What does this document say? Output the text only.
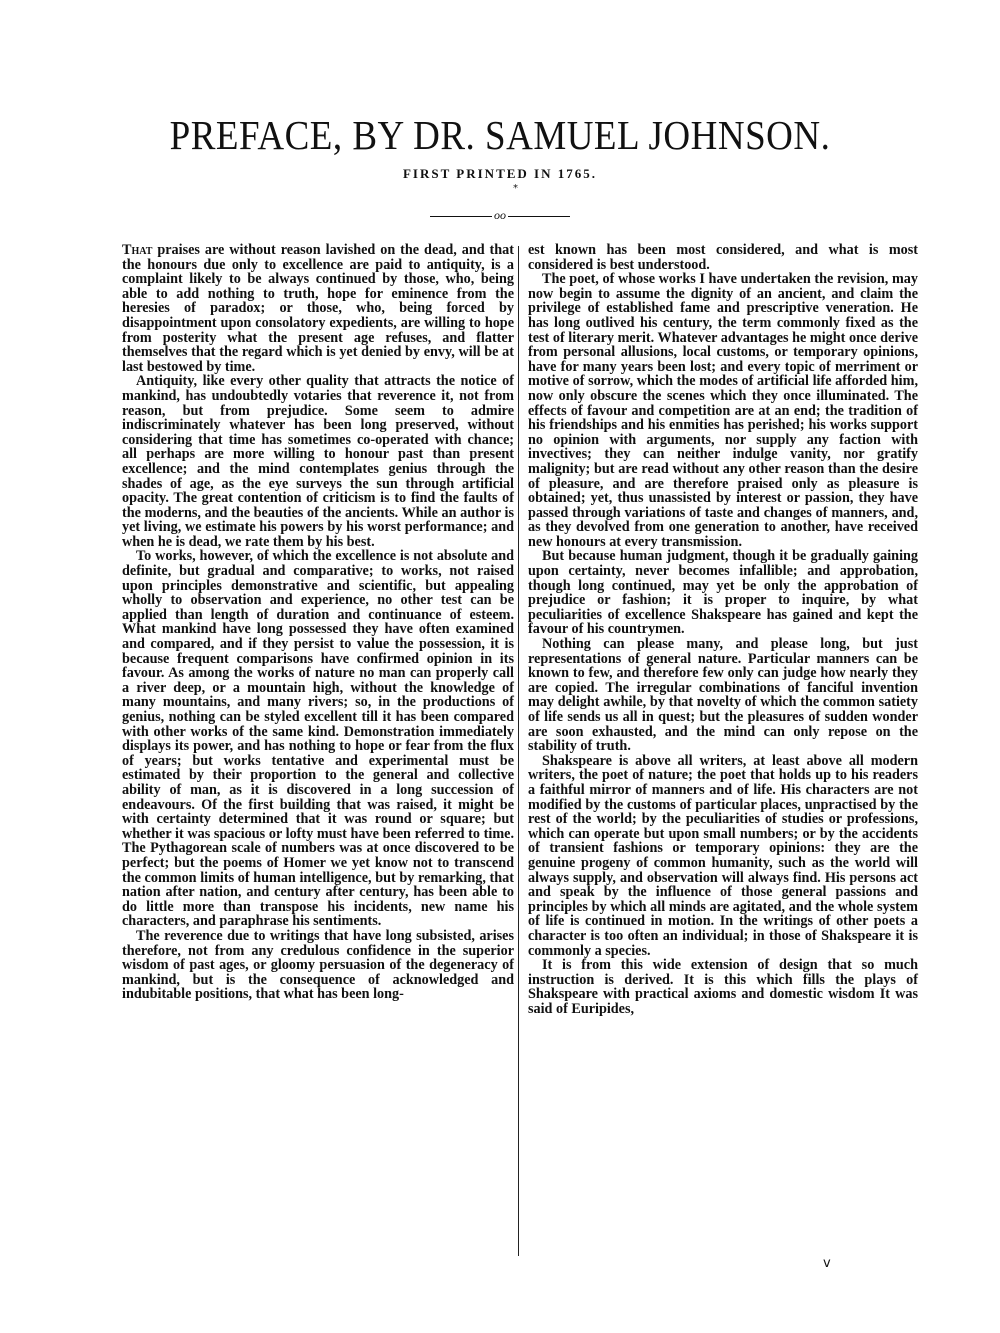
PREFACE, BY DR. SAMUEL JOHNSON.
FIRST PRINTED IN 1765.
*
oo

That praises are without reason lavished on the dead, and that the honours due only to excellence are paid to antiquity, is a complaint likely to be always continued by those, who, being able to add nothing to truth, hope for eminence from the heresies of paradox; or those, who, being forced by disappointment upon consolatory expedients, are willing to hope from posterity what the present age refuses, and flatter themselves that the regard which is yet denied by envy, will be at last bestowed by time.

Antiquity, like every other quality that attracts the notice of mankind, has undoubtedly votaries that reverence it, not from reason, but from prejudice. Some seem to admire indiscriminately whatever has been long preserved, without considering that time has sometimes co-operated with chance; all perhaps are more willing to honour past than present excellence; and the mind contemplates genius through the shades of age, as the eye surveys the sun through artificial opacity. The great contention of criticism is to find the faults of the moderns, and the beauties of the ancients. While an author is yet living, we estimate his powers by his worst performance; and when he is dead, we rate them by his best.

To works, however, of which the excellence is not absolute and definite, but gradual and comparative; to works, not raised upon principles demonstrative and scientific, but appealing wholly to observation and experience, no other test can be applied than length of duration and continuance of esteem. What mankind have long possessed they have often examined and compared, and if they persist to value the possession, it is because frequent comparisons have confirmed opinion in its favour. As among the works of nature no man can properly call a river deep, or a mountain high, without the knowledge of many mountains, and many rivers; so, in the productions of genius, nothing can be styled excellent till it has been compared with other works of the same kind. Demonstration immediately displays its power, and has nothing to hope or fear from the flux of years; but works tentative and experimental must be estimated by their proportion to the general and collective ability of man, as it is discovered in a long succession of endeavours. Of the first building that was raised, it might be with certainty determined that it was round or square; but whether it was spacious or lofty must have been referred to time. The Pythagorean scale of numbers was at once discovered to be perfect; but the poems of Homer we yet know not to transcend the common limits of human intelligence, but by remarking, that nation after nation, and century after century, has been able to do little more than transpose his incidents, new name his characters, and paraphrase his sentiments.

The reverence due to writings that have long subsisted, arises therefore, not from any credulous confidence in the superior wisdom of past ages, or gloomy persuasion of the degeneracy of mankind, but is the consequence of acknowledged and indubitable positions, that what has been long-

est known has been most considered, and what is most considered is best understood.

The poet, of whose works I have undertaken the revision, may now begin to assume the dignity of an ancient, and claim the privilege of established fame and prescriptive veneration. He has long outlived his century, the term commonly fixed as the test of literary merit. Whatever advantages he might once derive from personal allusions, local customs, or temporary opinions, have for many years been lost; and every topic of merriment or motive of sorrow, which the modes of artificial life afforded him, now only obscure the scenes which they once illuminated. The effects of favour and competition are at an end; the tradition of his friendships and his enmities has perished; his works support no opinion with arguments, nor supply any faction with invectives; they can neither indulge vanity, nor gratify malignity; but are read without any other reason than the desire of pleasure, and are therefore praised only as pleasure is obtained; yet, thus unassisted by interest or passion, they have passed through variations of taste and changes of manners, and, as they devolved from one generation to another, have received new honours at every transmission.

But because human judgment, though it be gradually gaining upon certainty, never becomes infallible; and approbation, though long continued, may yet be only the approbation of prejudice or fashion; it is proper to inquire, by what peculiarities of excellence Shakspeare has gained and kept the favour of his countrymen.

Nothing can please many, and please long, but just representations of general nature. Particular manners can be known to few, and therefore few only can judge how nearly they are copied. The irregular combinations of fanciful invention may delight awhile, by that novelty of which the common satiety of life sends us all in quest; but the pleasures of sudden wonder are soon exhausted, and the mind can only repose on the stability of truth.

Shakspeare is above all writers, at least above all modern writers, the poet of nature; the poet that holds up to his readers a faithful mirror of manners and of life. His characters are not modified by the customs of particular places, unpractised by the rest of the world; by the peculiarities of studies or professions, which can operate but upon small numbers; or by the accidents of transient fashions or temporary opinions: they are the genuine progeny of common humanity, such as the world will always supply, and observation will always find. His persons act and speak by the influence of those general passions and principles by which all minds are agitated, and the whole system of life is continued in motion. In the writings of other poets a character is too often an individual; in those of Shakspeare it is commonly a species.

It is from this wide extension of design that so much instruction is derived. It is this which fills the plays of Shakspeare with practical axioms and domestic wisdom It was said of Euripides,

v
